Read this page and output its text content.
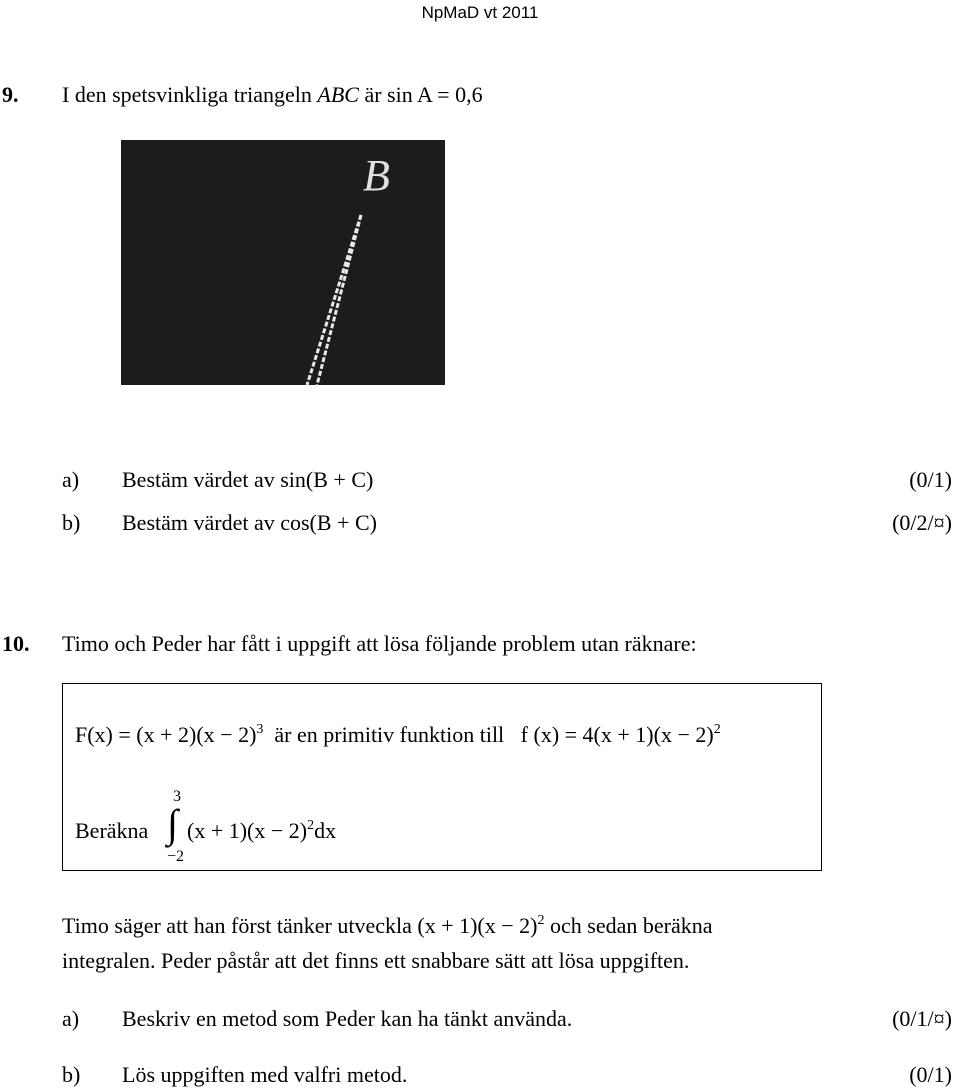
NpMaD vt 2011
9. I den spetsvinkliga triangeln ABC är sin A = 0,6
B
a) Bestäm värdet av sin(B + C)	(0/1)
b) Bestäm värdet av cos(B + C)	(0/2/¤)
10. Timo och Peder har fått i uppgift att lösa följande problem utan räknare:
$F(x) = (x + 2)(x - 2)^3$ är en primitiv funktion till f $(x) = 4(x + 1)(x - 2)^2$
3
Beräkna ∫ $(x + 1)(x - 2)^2dx$
−2
Timo säger att han först tänker utveckla $(x + 1)(x - 2)^2$ och sedan beräkna
integralen. Peder påstår att det finns ett snabbare sätt att lösa uppgiften.
a) Beskriv en metod som Peder kan ha tänkt använda.	(0/1/¤)
b) Lös uppgiften med valfri metod.	(0/1)
